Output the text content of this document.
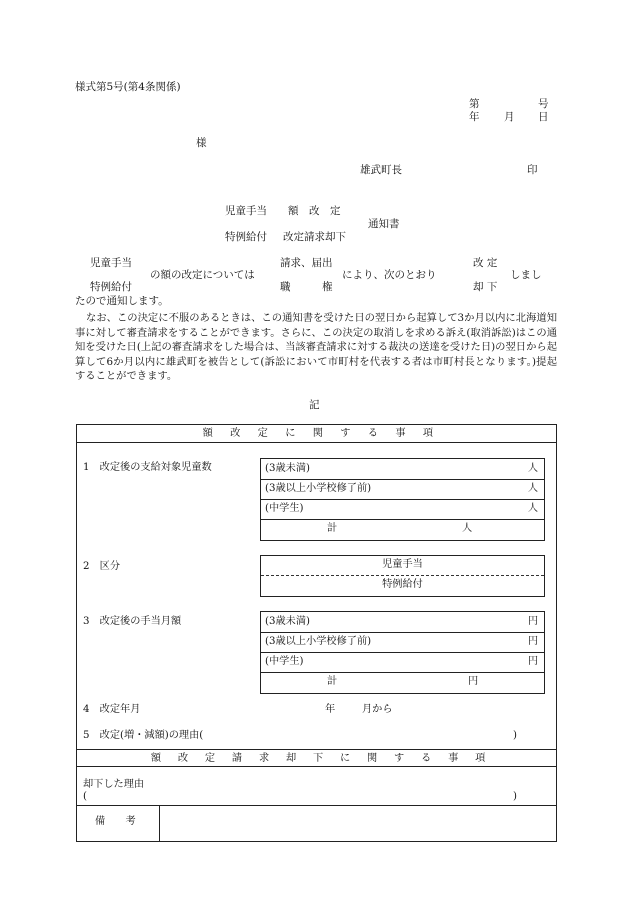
様式第5号(第4条関係)
第	号
年 月 日
様
雄武町長	印
児童手当 額　改　定
通知書
特例給付 改定請求却下
児童手当
特例給付
の額の改定については
請求、届出
職　　　権
により、次のとおり
改 定
却 下
しまし
たので通知します。
なお、この決定に不服のあるときは、この通知書を受けた日の翌日から起算して3か月以内に北海道知事に対して審査請求をすることができます。さらに、この決定の取消しを求める訴え(取消訴訟)はこの通知を受けた日(上記の審査請求をした場合は、当該審査請求に対する裁決の送達を受けた日)の翌日から起算して6か月以内に雄武町を被告として(訴訟において市町村を代表する者は市町村長となります。)提起することができます。
記
額改定に関する事項
1　改定後の支給対象児童数	(3歳未満)	人
(3歳以上小学校修了前)	人
(中学生)	人
計	人
2　区分	児童手当
特例給付
3　改定後の手当月額	(3歳未満)	円
(3歳以上小学校修了前)	円
(中学生)	円
計	円
4　改定年月	年	月から
5　改定(増・減額)の理由(	)
額改定請求却下に関する事項
却下した理由
(	)
備　　考
